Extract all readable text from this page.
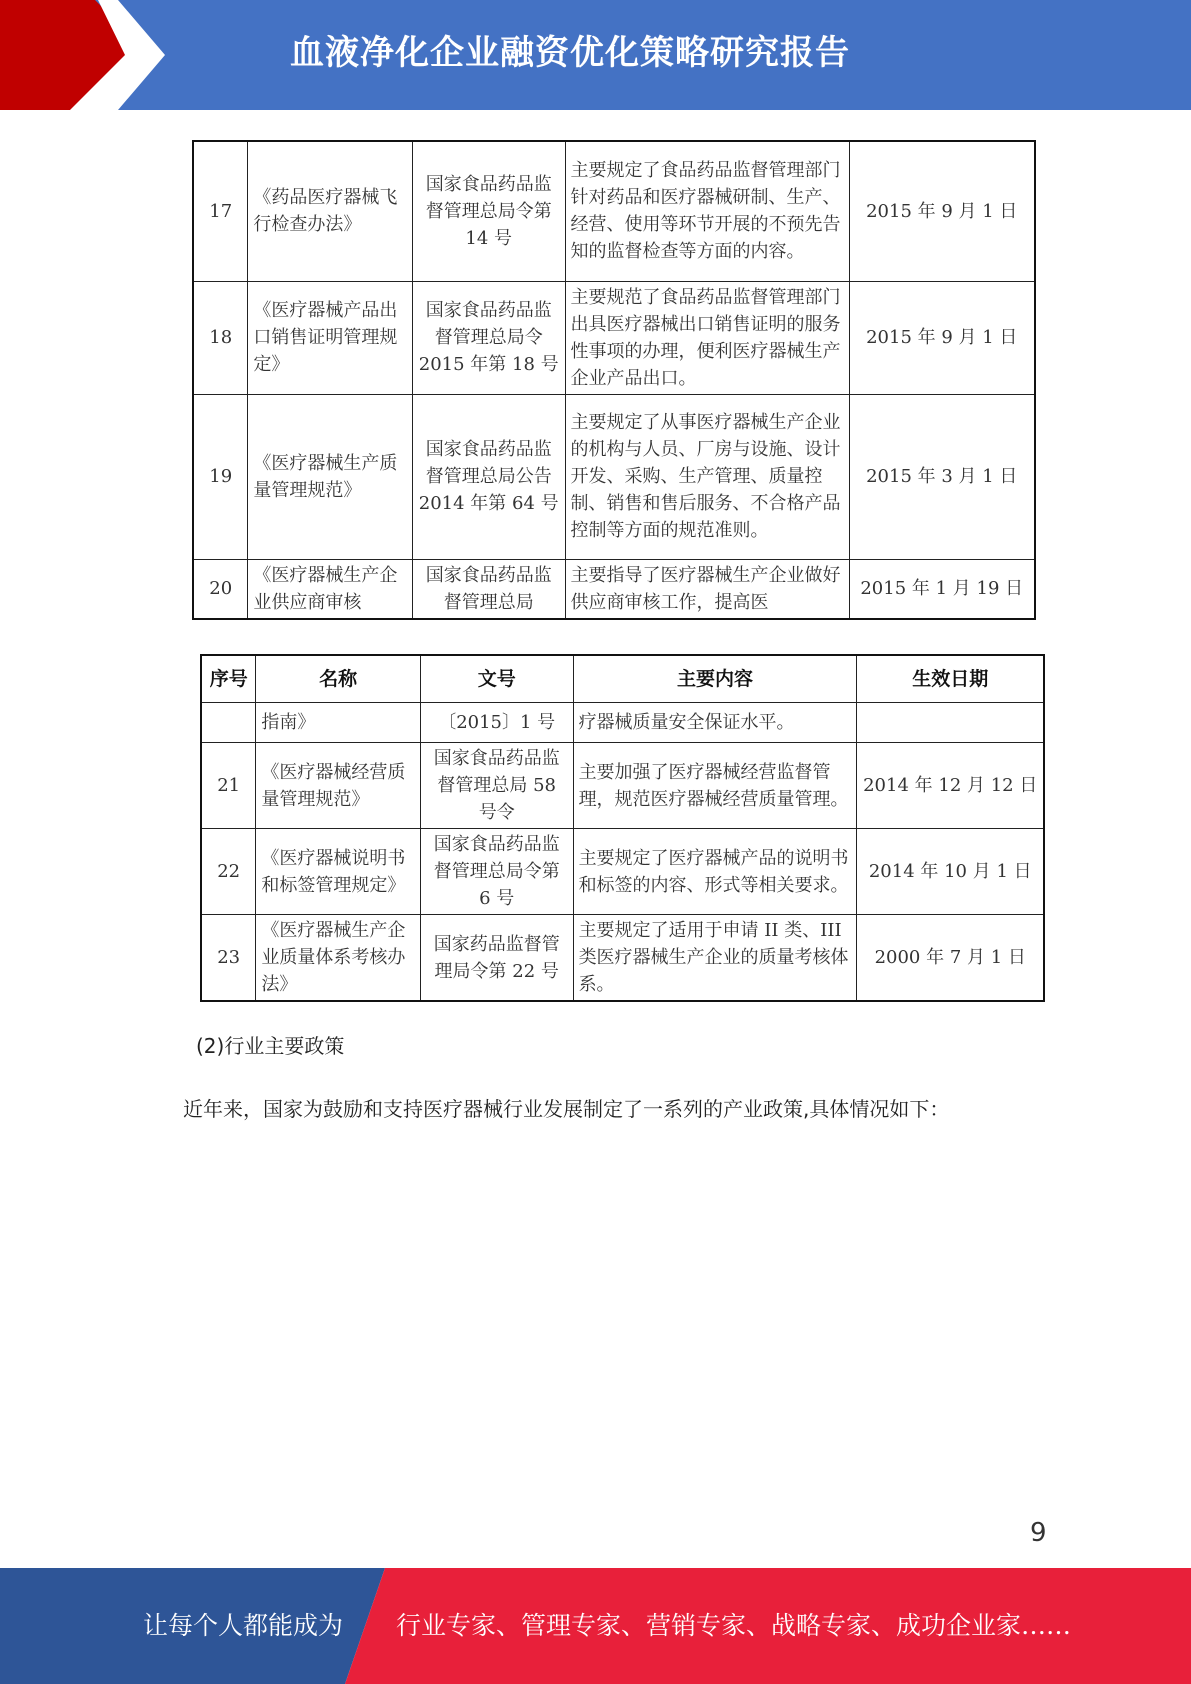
血液净化企业融资优化策略研究报告
17	《药品医疗器械飞行检查办法》	国家食品药品监督管理总局令第 14 号	主要规定了食品药品监督管理部门针对药品和医疗器械研制、生产、经营、使用等环节开展的不预先告知的监督检查等方面的内容。	2015 年 9 月 1 日
18	《医疗器械产品出口销售证明管理规定》	国家食品药品监督管理总局令 2015 年第 18 号	主要规范了食品药品监督管理部门出具医疗器械出口销售证明的服务性事项的办理，便利医疗器械生产企业产品出口。	2015 年 9 月 1 日
19	《医疗器械生产质量管理规范》	国家食品药品监督管理总局公告 2014 年第 64 号	主要规定了从事医疗器械生产企业的机构与人员、厂房与设施、设计开发、采购、生产管理、质量控制、销售和售后服务、不合格产品控制等方面的规范准则。	2015 年 3 月 1 日
20	《医疗器械生产企业供应商审核	国家食品药品监督管理总局	主要指导了医疗器械生产企业做好供应商审核工作，提高医	2015 年 1 月 19 日
序号	名称	文号	主要内容	生效日期
	指南》	〔2015〕1 号	疗器械质量安全保证水平。	
21	《医疗器械经营质量管理规范》	国家食品药品监督管理总局 58 号令	主要加强了医疗器械经营监督管理，规范医疗器械经营质量管理。	2014 年 12 月 12 日
22	《医疗器械说明书和标签管理规定》	国家食品药品监督管理总局令第 6 号	主要规定了医疗器械产品的说明书和标签的内容、形式等相关要求。	2014 年 10 月 1 日
23	《医疗器械生产企业质量体系考核办法》	国家药品监督管理局令第 22 号	主要规定了适用于申请 II 类、III 类医疗器械生产企业的质量考核体系。	2000 年 7 月 1 日
(2)行业主要政策
近年来，国家为鼓励和支持医疗器械行业发展制定了一系列的产业政策,具体情况如下：
9
让每个人都能成为 行业专家、管理专家、营销专家、战略专家、成功企业家……
